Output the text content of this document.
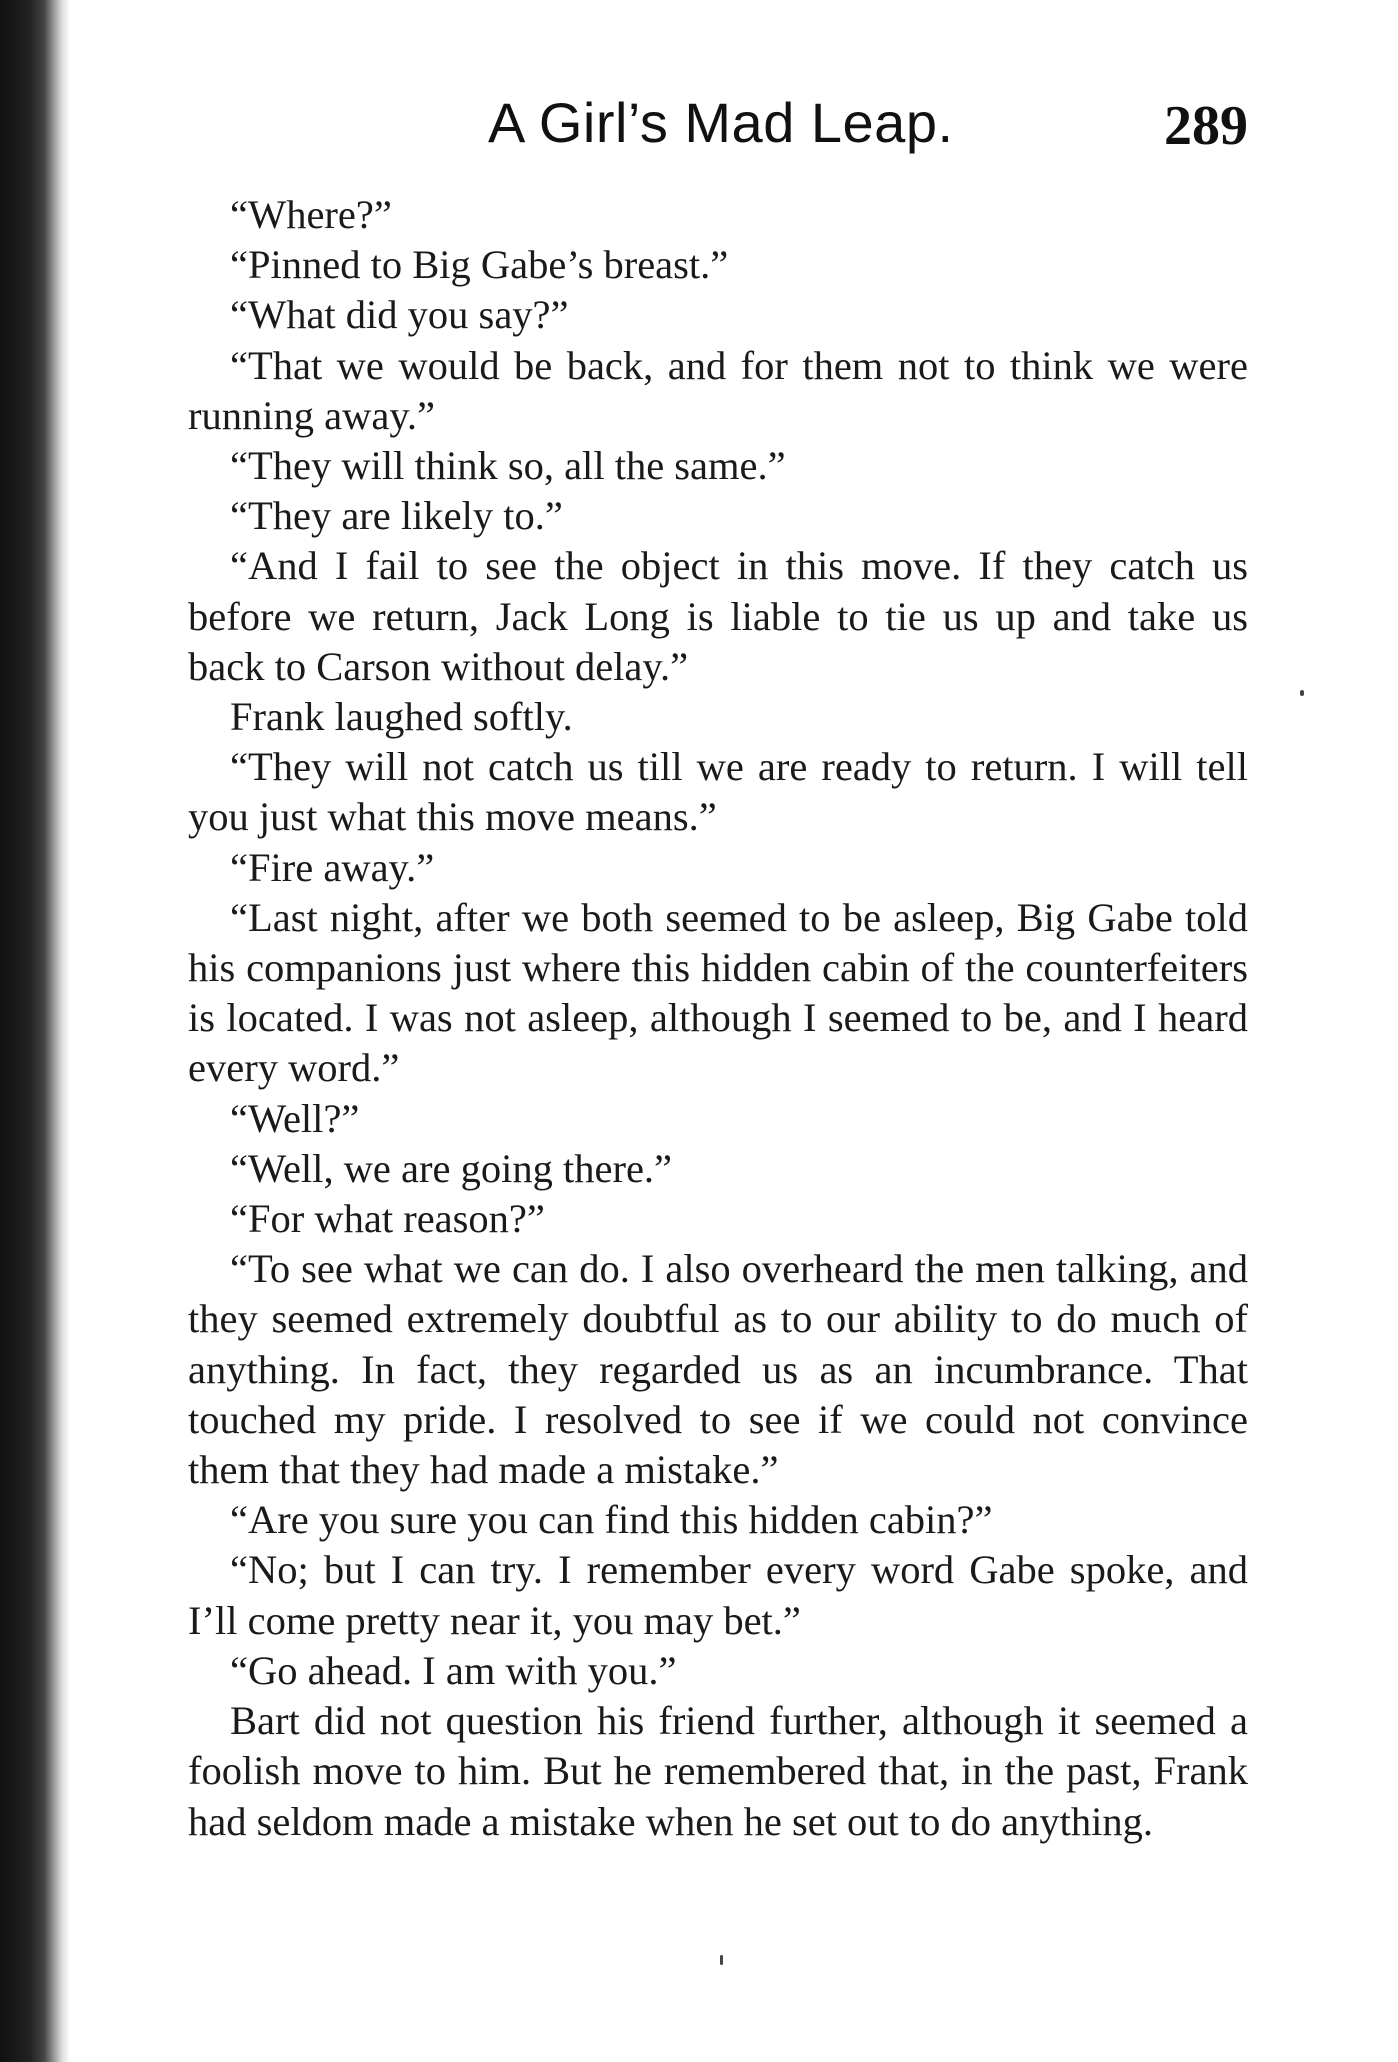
A Girl’s Mad Leap.	289

“Where?”

“Pinned to Big Gabe’s breast.”

“What did you say?”

“That we would be back, and for them not to think we were running away.”

“They will think so, all the same.”

“They are likely to.”

“And I fail to see the object in this move. If they catch us before we return, Jack Long is liable to tie us up and take us back to Carson without delay.”

Frank laughed softly.

“They will not catch us till we are ready to return. I will tell you just what this move means.”

“Fire away.”

“Last night, after we both seemed to be asleep, Big Gabe told his companions just where this hidden cabin of the counterfeiters is located. I was not asleep, although I seemed to be, and I heard every word.”

“Well?”

“Well, we are going there.”

“For what reason?”

“To see what we can do. I also overheard the men talking, and they seemed extremely doubtful as to our ability to do much of anything. In fact, they regarded us as an incumbrance. That touched my pride. I resolved to see if we could not convince them that they had made a mistake.”

“Are you sure you can find this hidden cabin?”

“No; but I can try. I remember every word Gabe spoke, and I’ll come pretty near it, you may bet.”

“Go ahead. I am with you.”

Bart did not question his friend further, although it seemed a foolish move to him. But he remembered that, in the past, Frank had seldom made a mistake when he set out to do anything.
